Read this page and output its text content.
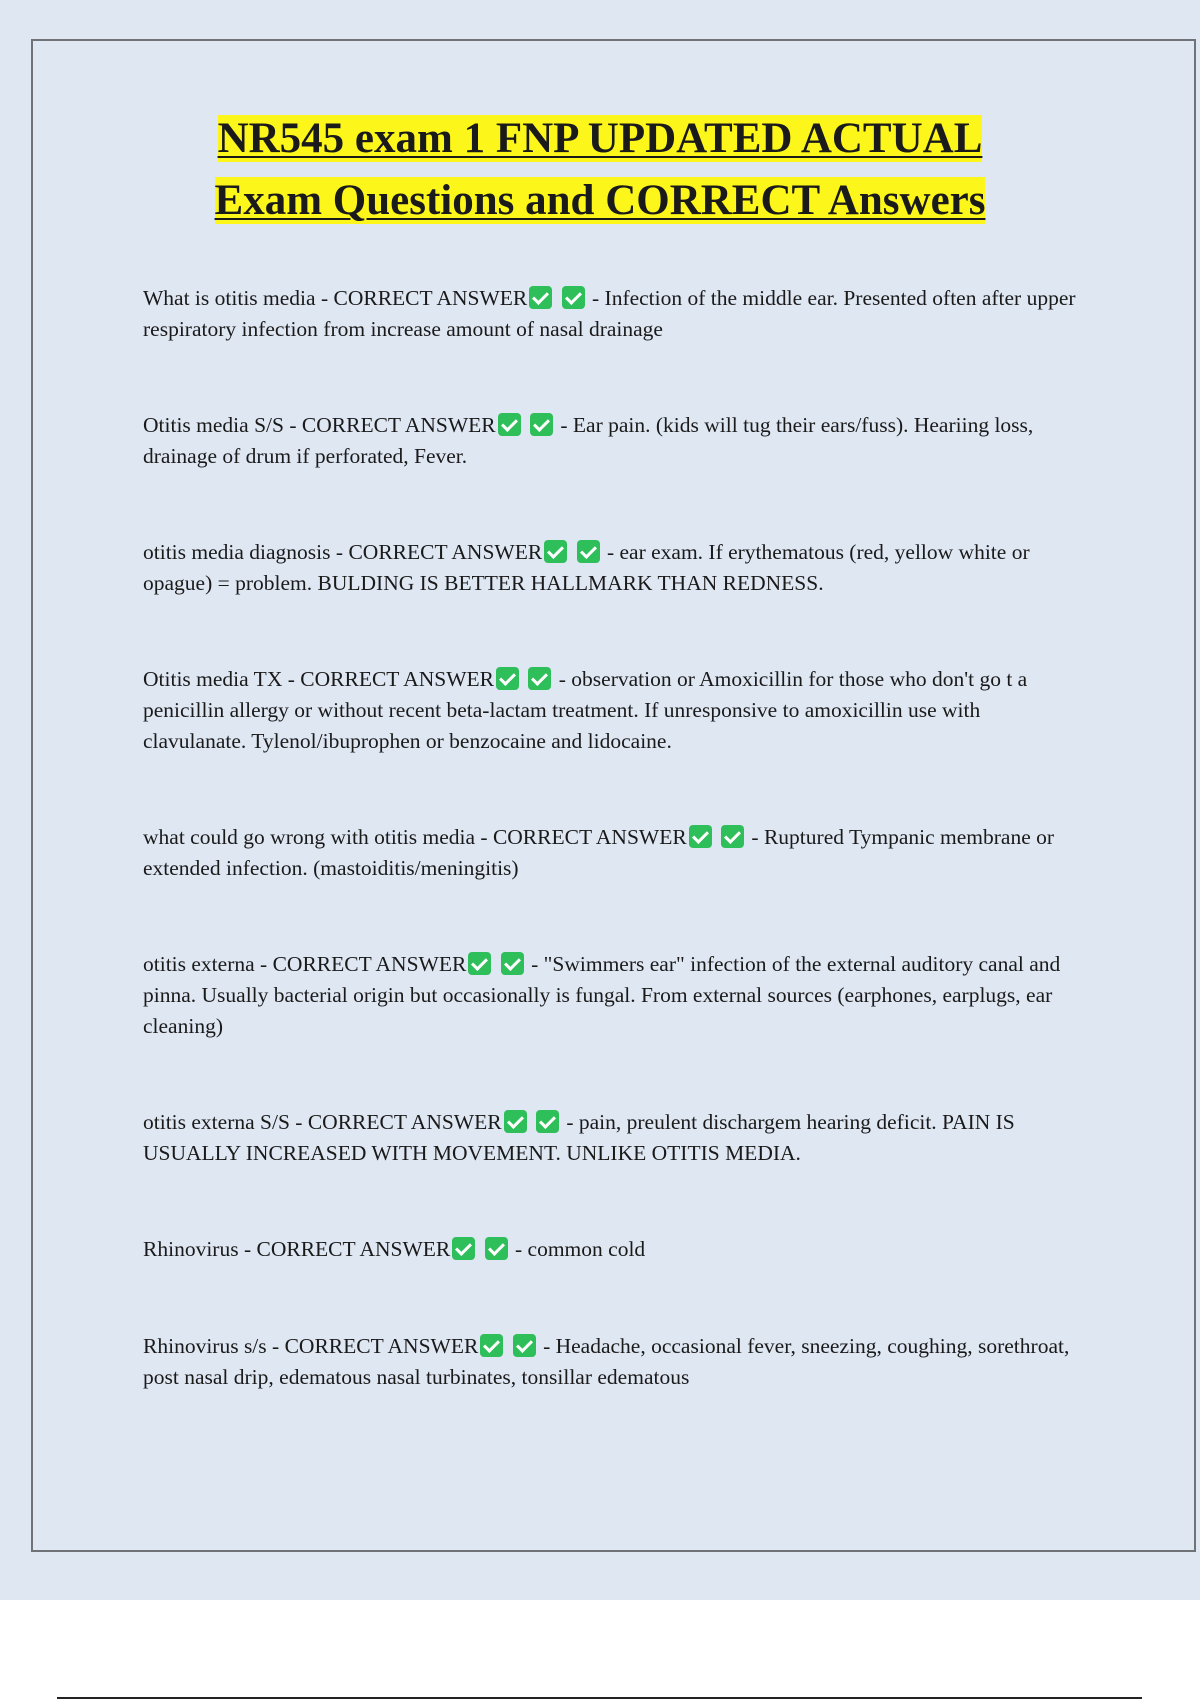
NR545 exam 1 FNP UPDATED ACTUAL
Exam Questions and CORRECT Answers

What is otitis media - CORRECT ANSWER	- Infection of the middle ear. Presented often after upper respiratory infection from increase amount of nasal drainage

Otitis media S/S - CORRECT ANSWER	- Ear pain. (kids will tug their ears/fuss). Heariing loss, drainage of drum if perforated, Fever.

otitis media diagnosis - CORRECT ANSWER	- ear exam. If erythematous (red, yellow white or opague) = problem. BULDING IS BETTER HALLMARK THAN REDNESS.

Otitis media TX - CORRECT ANSWER	- observation or Amoxicillin for those who don't go t a penicillin allergy or without recent beta-lactam treatment. If unresponsive to amoxicillin use with clavulanate. Tylenol/ibuprophen or benzocaine and lidocaine.

what could go wrong with otitis media - CORRECT ANSWER	- Ruptured Tympanic membrane or extended infection. (mastoiditis/meningitis)

otitis externa - CORRECT ANSWER	- "Swimmers ear" infection of the external auditory canal and pinna. Usually bacterial origin but occasionally is fungal. From external sources (earphones, earplugs, ear cleaning)

otitis externa S/S - CORRECT ANSWER	- pain, preulent dischargem hearing deficit. PAIN IS USUALLY INCREASED WITH MOVEMENT. UNLIKE OTITIS MEDIA.

Rhinovirus - CORRECT ANSWER	- common cold

Rhinovirus s/s - CORRECT ANSWER	- Headache, occasional fever, sneezing, coughing, sorethroat, post nasal drip, edematous nasal turbinates, tonsillar edematous
